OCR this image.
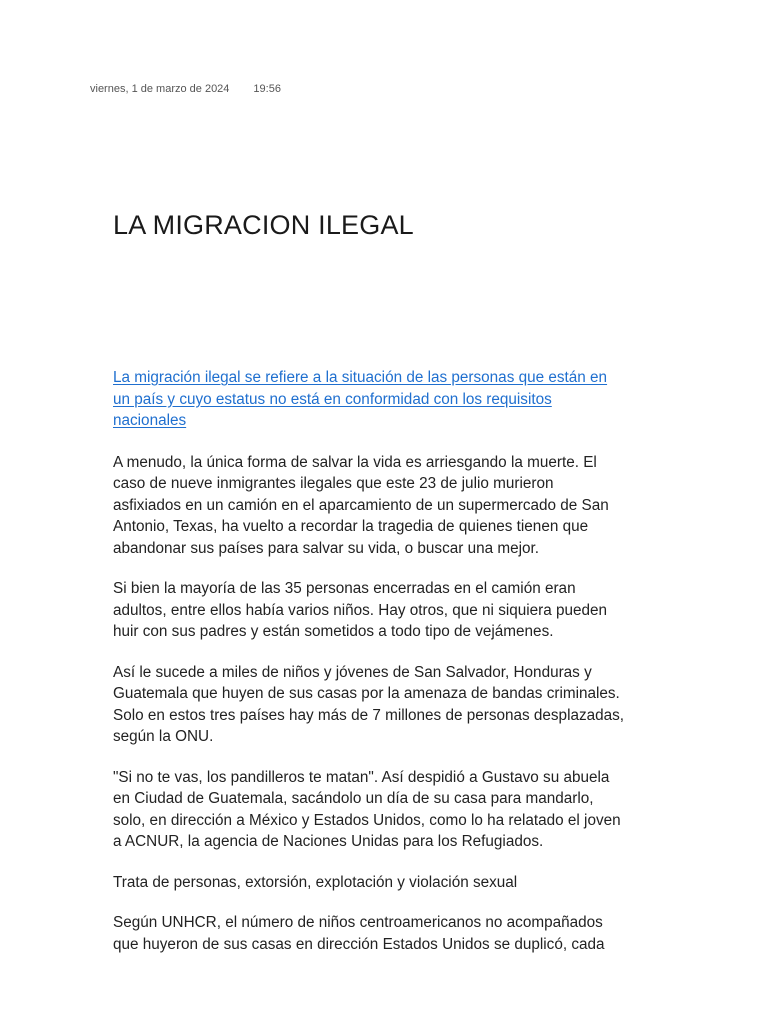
viernes, 1 de marzo de 2024 19:56
LA MIGRACION ILEGAL

La migración ilegal se refiere a la situación de las personas que están en un país y cuyo estatus no está en conformidad con los requisitos nacionales

A menudo, la única forma de salvar la vida es arriesgando la muerte. El caso de nueve inmigrantes ilegales que este 23 de julio murieron asfixiados en un camión en el aparcamiento de un supermercado de San Antonio, Texas, ha vuelto a recordar la tragedia de quienes tienen que abandonar sus países para salvar su vida, o buscar una mejor.

Si bien la mayoría de las 35 personas encerradas en el camión eran adultos, entre ellos había varios niños. Hay otros, que ni siquiera pueden huir con sus padres y están sometidos a todo tipo de vejámenes.

Así le sucede a miles de niños y jóvenes de San Salvador, Honduras y Guatemala que huyen de sus casas por la amenaza de bandas criminales. Solo en estos tres países hay más de 7 millones de personas desplazadas, según la ONU.

"Si no te vas, los pandilleros te matan". Así despidió a Gustavo su abuela en Ciudad de Guatemala, sacándolo un día de su casa para mandarlo, solo, en dirección a México y Estados Unidos, como lo ha relatado el joven a ACNUR, la agencia de Naciones Unidas para los Refugiados.

Trata de personas, extorsión, explotación y violación sexual

Según UNHCR, el número de niños centroamericanos no acompañados que huyeron de sus casas en dirección Estados Unidos se duplicó, cada
